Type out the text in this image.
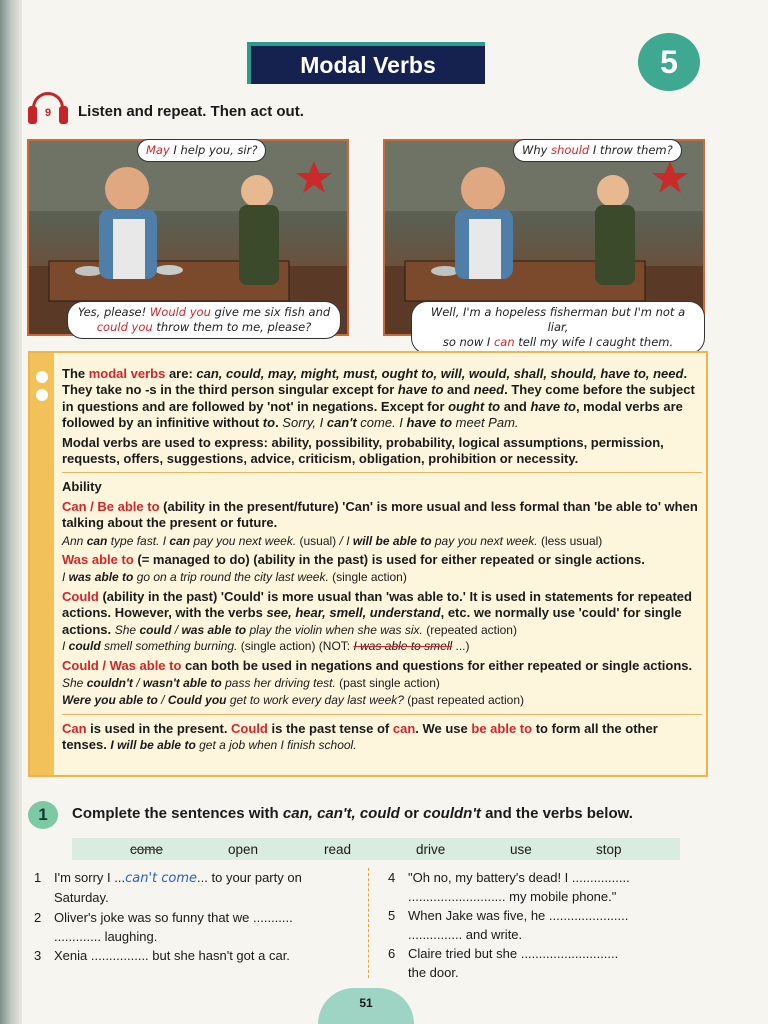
Modal Verbs	5
9	Listen and repeat. Then act out.
May I help you, sir?
Yes, please! Would you give me six fish and
could you throw them to me, please?
Why should I throw them?
Well, I'm a hopeless fisherman but I'm not a liar,
so now I can tell my wife I caught them.

The modal verbs are: can, could, may, might, must, ought to, will, would, shall, should, have to, need. They take no -s in the third person singular except for have to and need. They come before the subject in questions and are followed by 'not' in negations. Except for ought to and have to, modal verbs are followed by an infinitive without to. Sorry, I can't come. I have to meet Pam.

Modal verbs are used to express: ability, possibility, probability, logical assumptions, permission, requests, offers, suggestions, advice, criticism, obligation, prohibition or necessity.

Ability

Can / Be able to (ability in the present/future) 'Can' is more usual and less formal than 'be able to' when talking about the present or future.

Ann can type fast. I can pay you next week. (usual) / I will be able to pay you next week. (less usual)

Was able to (= managed to do) (ability in the past) is used for either repeated or single actions.

I was able to go on a trip round the city last week. (single action)

Could (ability in the past) 'Could' is more usual than 'was able to.' It is used in statements for repeated actions. However, with the verbs see, hear, smell, understand, etc. we normally use 'could' for single actions. She could / was able to play the violin when she was six. (repeated action)

I could smell something burning. (single action) (NOT: I was able to smell ...)

Could / Was able to can both be used in negations and questions for either repeated or single actions.

She couldn't / wasn't able to pass her driving test. (past single action)

Were you able to / Could you get to work every day last week? (past repeated action)

Can is used in the present. Could is the past tense of can. We use be able to to form all the other tenses. I will be able to get a job when I finish school.

1	Complete the sentences with can, can't, could or couldn't and the verbs below.
come	open	read	drive	use	stop
1 I'm sorry I ...can't come... to your party on
Saturday.
2 Oliver's joke was so funny that we ...........
............. laughing.
3 Xenia ................ but she hasn't got a car.
4 "Oh no, my battery's dead! I ................
........................... my mobile phone."
5 When Jake was five, he ......................
............... and write.
6 Claire tried but she ...........................
the door.
51
